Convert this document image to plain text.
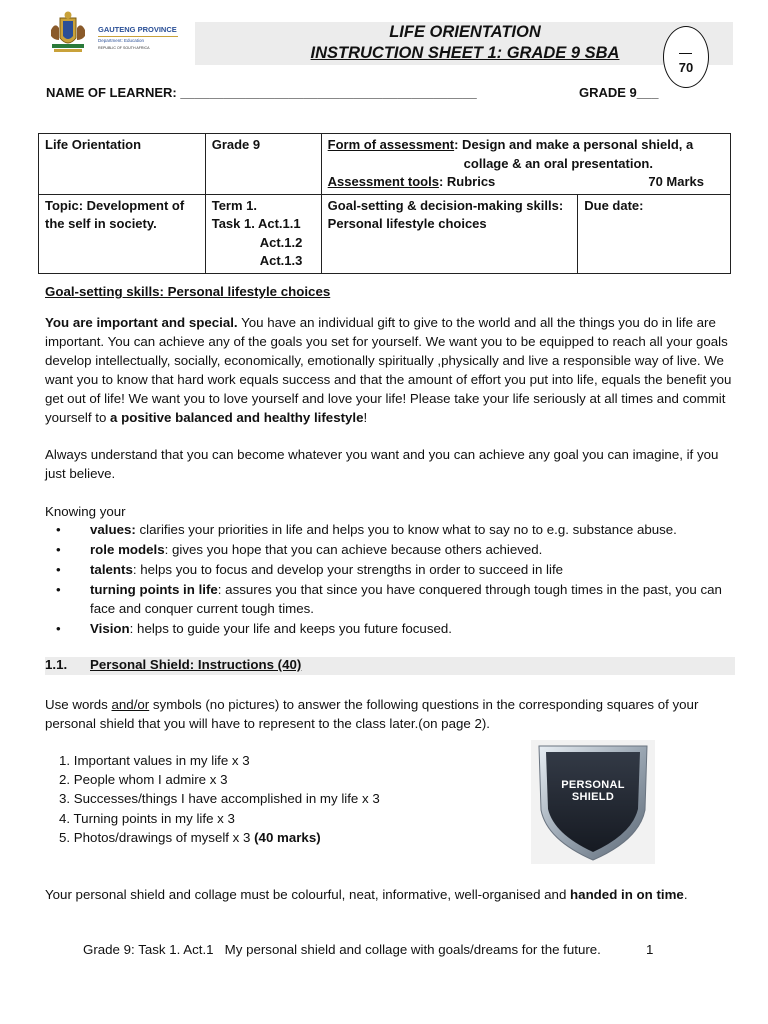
GAUTENG PROVINCE
Department: Education
REPUBLIC OF SOUTH AFRICA
LIFE ORIENTATION
INSTRUCTION SHEET 1: GRADE 9 SBA
70
NAME OF LEARNER: _________________________________________	GRADE 9___
Life Orientation	Grade 9	Form of assessment: Design and make a personal shield, a

collage & an oral presentation.
Assessment tools: Rubrics 70 Marks	

Topic: Development of the self in society.	Term 1.
Task 1. Act.1.1
Act.1.2
Act.1.3	Goal-setting & decision-making skills:
Personal lifestyle choices	Due date:
Goal-setting skills: Personal lifestyle choices
You are important and special. You have an individual gift to give to the world and all the things you do in life are important. You can achieve any of the goals you set for yourself. We want you to be equipped to reach all your goals develop intellectually, socially, economically, emotionally spiritually ,physically and live a responsible way of live. We want you to know that hard work equals success and that the amount of effort you put into life, equals the benefit you get out of life! We want you to love yourself and love your life! Please take your life seriously at all times and commit yourself to a positive balanced and healthy lifestyle!
Always understand that you can become whatever you want and you can achieve any goal you can imagine, if you just believe.
Knowing your
• values: clarifies your priorities in life and helps you to know what to say no to e.g. substance abuse.
• role models: gives you hope that you can achieve because others achieved.
• talents: helps you to focus and develop your strengths in order to succeed in life
• turning points in life: assures you that since you have conquered through tough times in the past, you can face and conquer current tough times.
• Vision: helps to guide your life and keeps you future focused.
1.1. Personal Shield: Instructions (40)
Use words and/or symbols (no pictures) to answer the following questions in the corresponding squares of your personal shield that you will have to represent to the class later.(on page 2).
1. Important values in my life x 3
2. People whom I admire x 3
3. Successes/things I have accomplished in my life x 3
4. Turning points in my life x 3
5. Photos/drawings of myself x 3 (40 marks)
PERSONAL
SHIELD
Your personal shield and collage must be colourful, neat, informative, well-organised and handed in on time.
Grade 9: Task 1. Act.1   My personal shield and collage with goals/dreams for the future.	1
